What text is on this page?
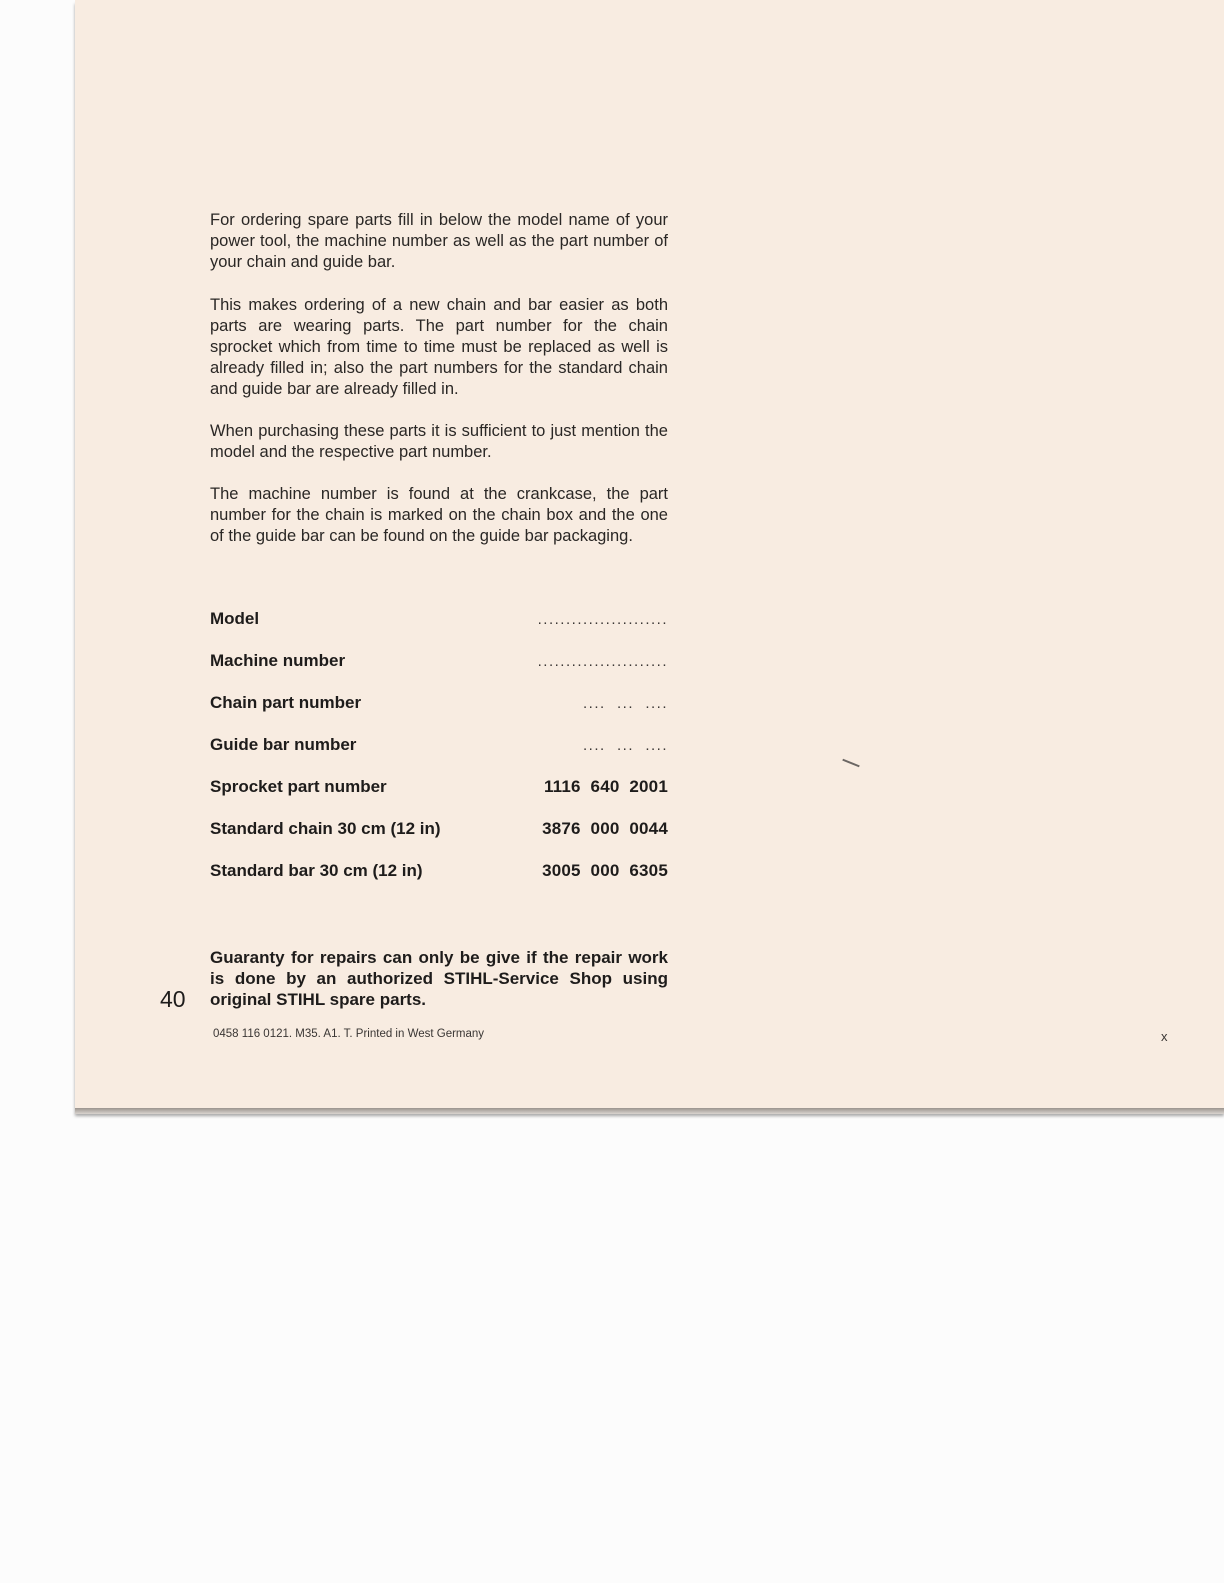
For ordering spare parts fill in below the model name of your power tool, the machine number as well as the part number of your chain and guide bar.

This makes ordering of a new chain and bar easier as both parts are wearing parts. The part number for the chain sprocket which from time to time must be replaced as well is already filled in; also the part numbers for the standard chain and guide bar are already filled in.

When purchasing these parts it is sufficient to just mention the model and the respective part number.

The machine number is found at the crankcase, the part number for the chain is marked on the chain box and the one of the guide bar can be found on the guide bar packaging.

Model	.......................
Machine number	.......................
Chain part number	....  ...  ....
Guide bar number	....  ...  ....
Sprocket part number	1116  640  2001
Standard chain 30 cm (12 in)	3876  000  0044
Standard bar 30 cm (12 in)	3005  000  6305

Guaranty for repairs can only be give if the repair work is done by an authorized STIHL-Service Shop using original STIHL spare parts.

40
0458 116 0121. M35. A1. T. Printed in West Germany	x
